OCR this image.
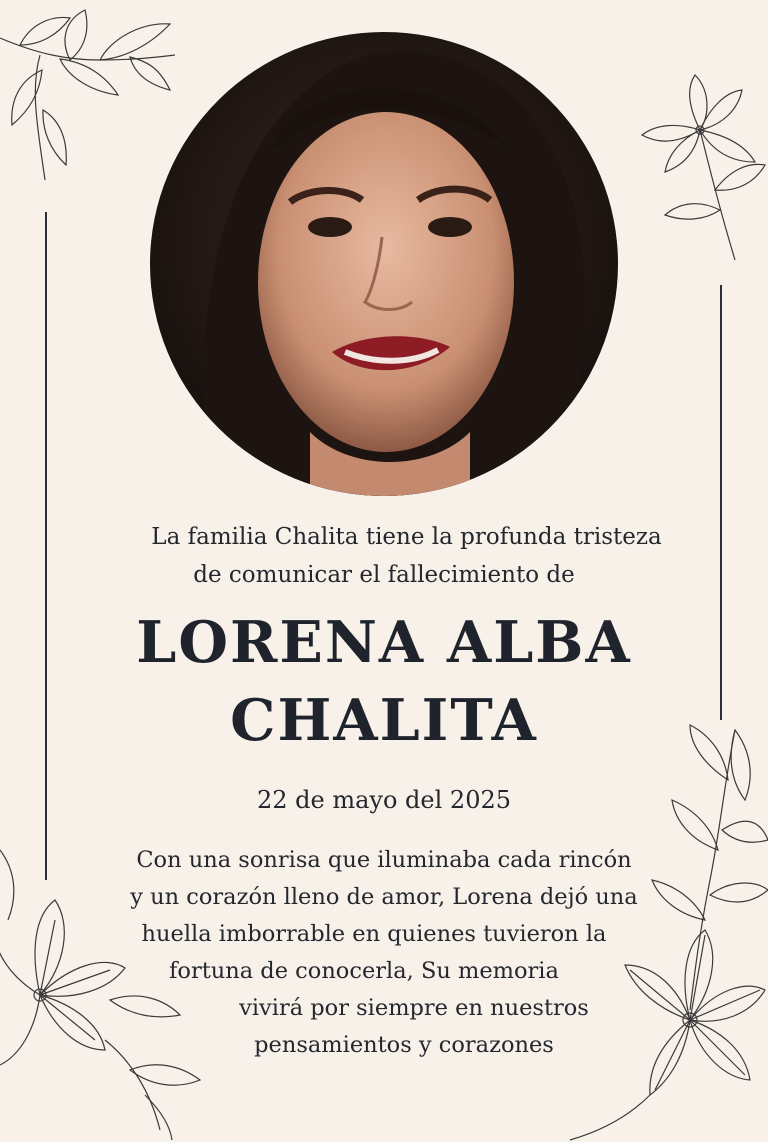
La familia Chalita tiene la profunda tristeza
de comunicar el fallecimiento de
LORENA ALBA
CHALITA
22 de mayo del 2025
Con una sonrisa que iluminaba cada rincón
y un corazón lleno de amor, Lorena dejó una
huella imborrable en quienes tuvieron la
fortuna de conocerla, Su memoria
vivirá por siempre en nuestros
pensamientos y corazones
